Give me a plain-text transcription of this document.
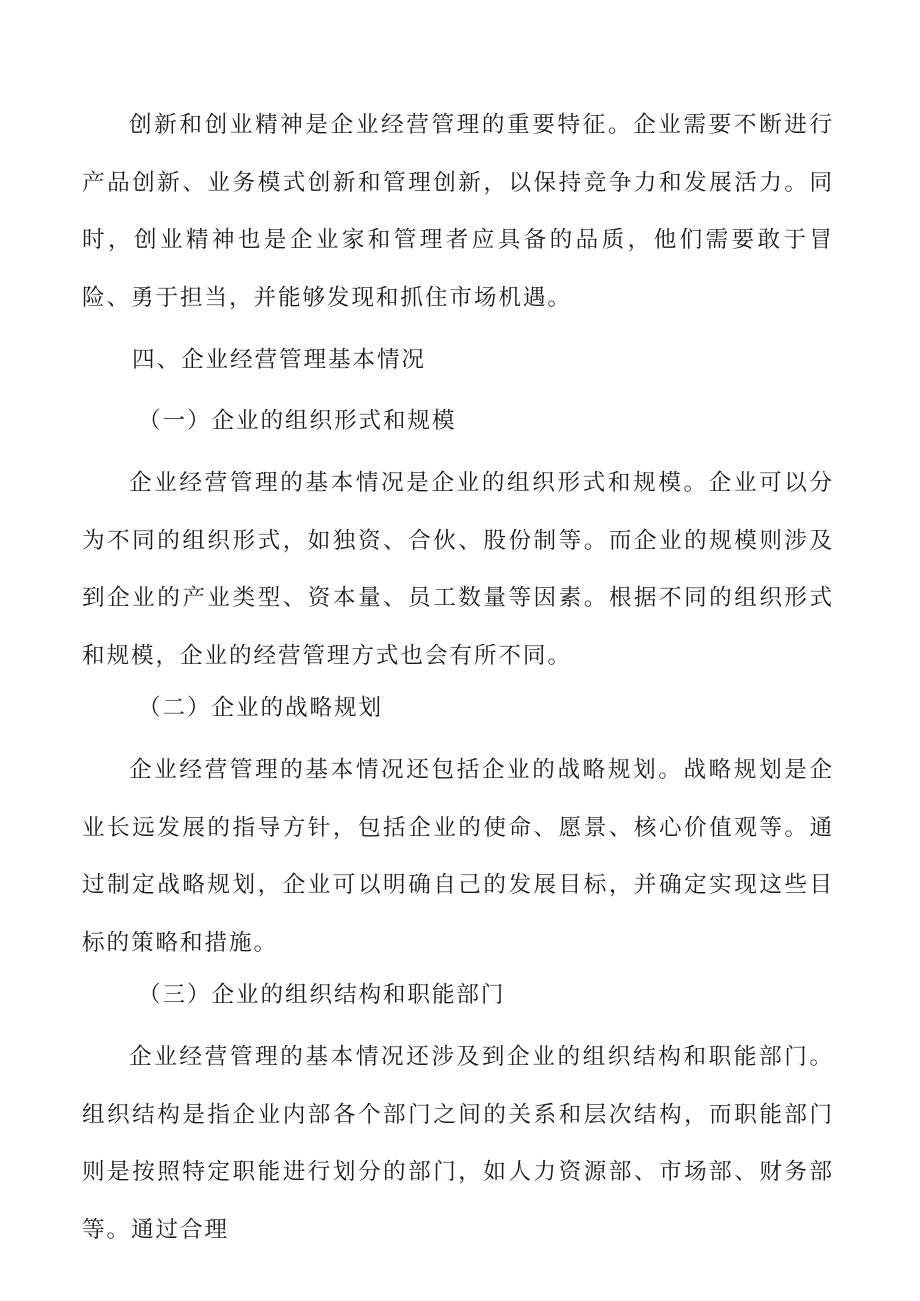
创新和创业精神是企业经营管理的重要特征。企业需要不断进行产品创新、业务模式创新和管理创新，以保持竞争力和发展活力。同时，创业精神也是企业家和管理者应具备的品质，他们需要敢于冒险、勇于担当，并能够发现和抓住市场机遇。

四、企业经营管理基本情况

（一）企业的组织形式和规模

企业经营管理的基本情况是企业的组织形式和规模。企业可以分为不同的组织形式，如独资、合伙、股份制等。而企业的规模则涉及到企业的产业类型、资本量、员工数量等因素。根据不同的组织形式和规模，企业的经营管理方式也会有所不同。

（二）企业的战略规划

企业经营管理的基本情况还包括企业的战略规划。战略规划是企业长远发展的指导方针，包括企业的使命、愿景、核心价值观等。通过制定战略规划，企业可以明确自己的发展目标，并确定实现这些目标的策略和措施。

（三）企业的组织结构和职能部门

企业经营管理的基本情况还涉及到企业的组织结构和职能部门。组织结构是指企业内部各个部门之间的关系和层次结构，而职能部门则是按照特定职能进行划分的部门，如人力资源部、市场部、财务部等。通过合理
